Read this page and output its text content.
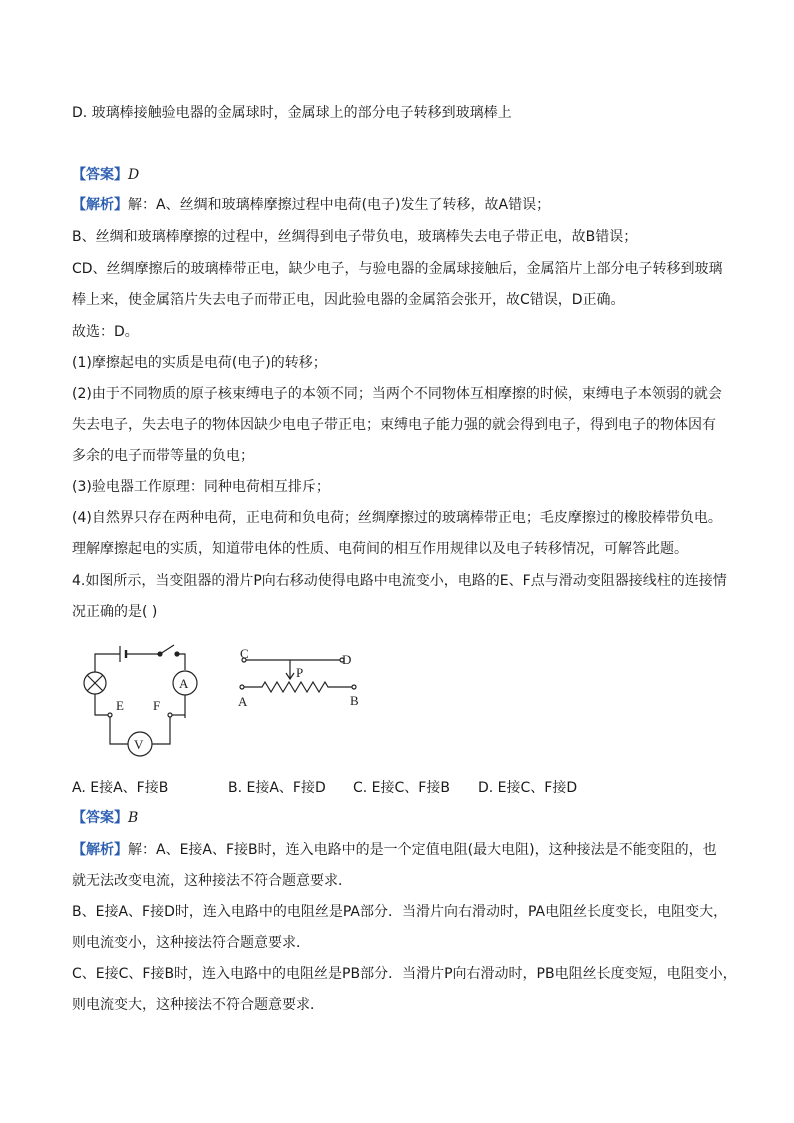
D. 玻璃棒接触验电器的金属球时，金属球上的部分电子转移到玻璃棒上
【答案】D
【解析】解：A、丝绸和玻璃棒摩擦过程中电荷(电子)发生了转移，故A错误；
B、丝绸和玻璃棒摩擦的过程中，丝绸得到电子带负电，玻璃棒失去电子带正电，故B错误；
CD、丝绸摩擦后的玻璃棒带正电，缺少电子，与验电器的金属球接触后，金属箔片上部分电子转移到玻璃
棒上来，使金属箔片失去电子而带正电，因此验电器的金属箔会张开，故C错误，D正确。
故选：D。
(1)摩擦起电的实质是电荷(电子)的转移；
(2)由于不同物质的原子核束缚电子的本领不同；当两个不同物体互相摩擦的时候，束缚电子本领弱的就会
失去电子，失去电子的物体因缺少电电子带正电；束缚电子能力强的就会得到电子，得到电子的物体因有
多余的电子而带等量的负电；
(3)验电器工作原理：同种电荷相互排斥；
(4)自然界只存在两种电荷，正电荷和负电荷；丝绸摩擦过的玻璃棒带正电；毛皮摩擦过的橡胶棒带负电。
理解摩擦起电的实质，知道带电体的性质、电荷间的相互作用规律以及电子转移情况，可解答此题。
4.如图所示，当变阻器的滑片P向右移动使得电路中电流变小，电路的E、F点与滑动变阻器接线柱的连接情
况正确的是( )
A
V
E F
C	D
P
A	B
A. E接A、F接B	B. E接A、F接D C. E接C、F接B D. E接C、F接D
【答案】B
【解析】解：A、E接A、F接B时，连入电路中的是一个定值电阻(最大电阻)，这种接法是不能变阻的，也
就无法改变电流，这种接法不符合题意要求．
B、E接A、F接D时，连入电路中的电阻丝是PA部分．当滑片向右滑动时，PA电阻丝长度变长，电阻变大，
则电流变小，这种接法符合题意要求．
C、E接C、F接B时，连入电路中的电阻丝是PB部分．当滑片P向右滑动时，PB电阻丝长度变短，电阻变小，
则电流变大，这种接法不符合题意要求．
